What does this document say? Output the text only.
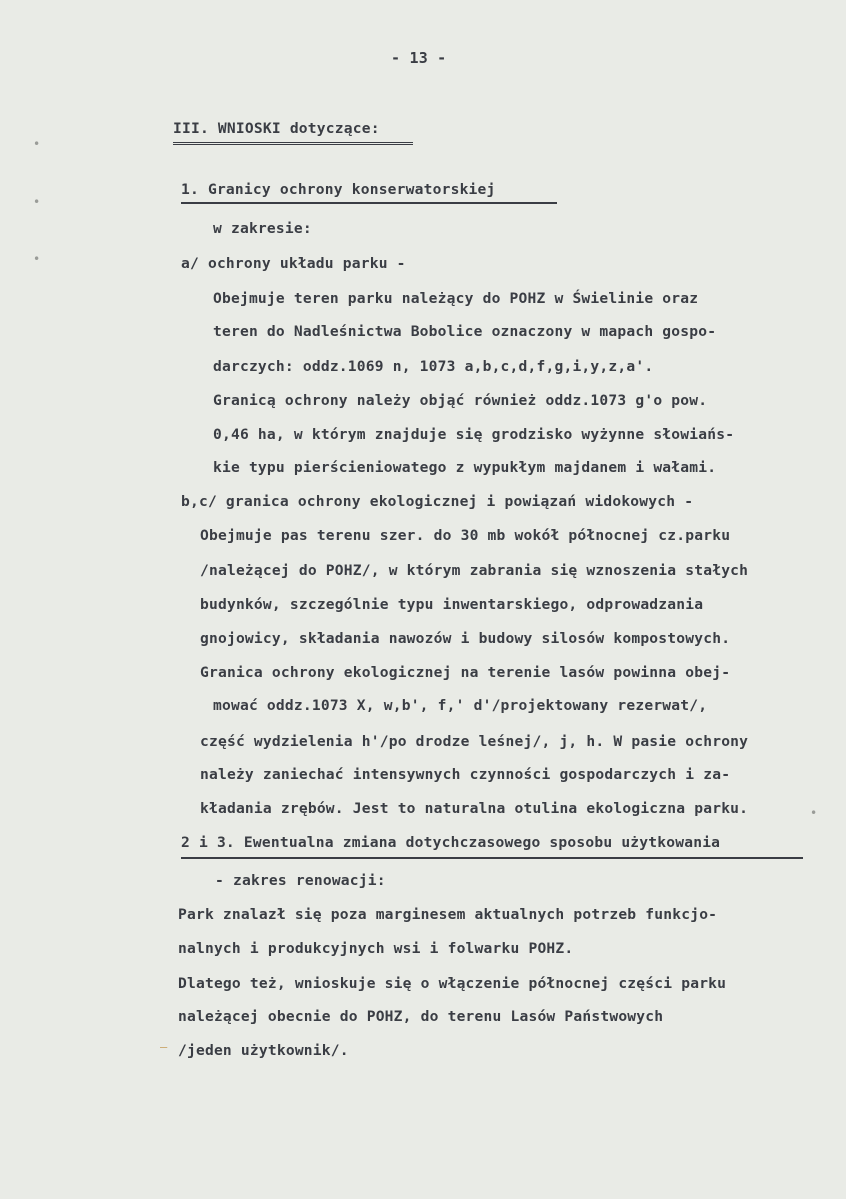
- 13 -
III. WNIOSKI dotyczące:
1. Granicy ochrony konserwatorskiej
w zakresie:
a/ ochrony układu parku -
Obejmuje teren parku należący do POHZ w Świelinie oraz
teren do Nadleśnictwa Bobolice oznaczony w mapach gospo-
darczych: oddz.1069 n, 1073 a,b,c,d,f,g,i,y,z,a'.
Granicą ochrony należy objąć również oddz.1073 g'o pow.
0,46 ha, w którym znajduje się grodzisko wyżynne słowiańs-
kie typu pierścieniowatego z wypukłym majdanem i wałami.
b,c/ granica ochrony ekologicznej i powiązań widokowych -
Obejmuje pas terenu szer. do 30 mb wokół północnej cz.parku
/należącej do POHZ/, w którym zabrania się wznoszenia stałych
budynków, szczególnie typu inwentarskiego, odprowadzania
gnojowicy, składania nawozów i budowy silosów kompostowych.
Granica ochrony ekologicznej na terenie lasów powinna obej-
mować oddz.1073 X, w,b', f,' d'/projektowany rezerwat/,
część wydzielenia h'/po drodze leśnej/, j, h. W pasie ochrony
należy zaniechać intensywnych czynności gospodarczych i za-
kładania zrębów. Jest to naturalna otulina ekologiczna parku.
2 i 3. Ewentualna zmiana dotychczasowego sposobu użytkowania
- zakres renowacji:
Park znalazł się poza marginesem aktualnych potrzeb funkcjo-
nalnych i produkcyjnych wsi i folwarku POHZ.
Dlatego też, wnioskuje się o włączenie północnej części parku
należącej obecnie do POHZ, do terenu Lasów Państwowych
/jeden użytkownik/.
•
•
•
•
–
